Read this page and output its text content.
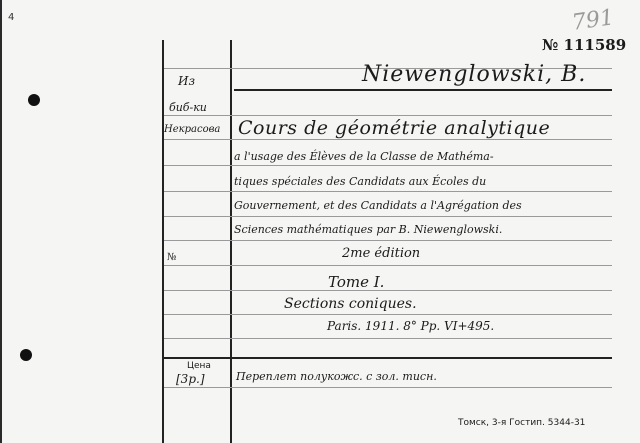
4	791
№ 111589
Из
биб-ки
Некрасова
№
Цена
[3р.]
Niewenglowski, B.
Cours de géométrie analytique
a l'usage des Élèves de la Classe de Mathéma-
tiques spéciales des Candidats aux Écoles du
Gouvernement, et des Candidats a l'Agrégation des
Sciences mathématiques par B. Niewenglowski.
2me édition
Tome I.
Sections coniques.
Paris. 1911. 8° Pp. VI+495.
Переплет полукожс. с зол. тисн.
Томск, 3-я Гостип. 5344-31
